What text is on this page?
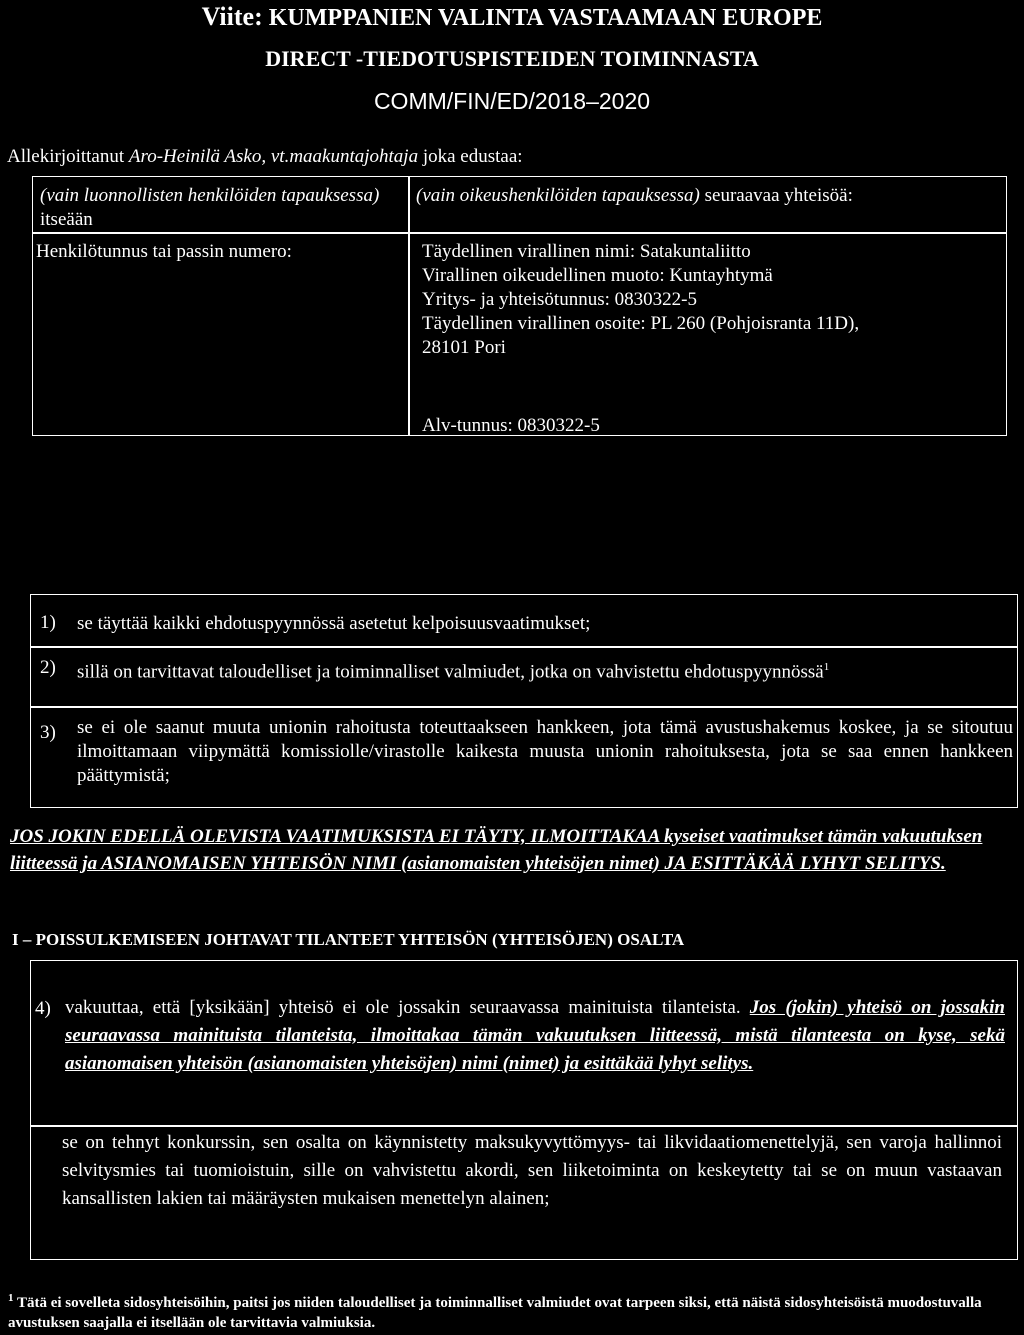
Viite: KUMPPANIEN VALINTA VASTAAMAAN EUROPE
DIRECT -TIEDOTUSPISTEIDEN TOIMINNASTA
COMM/FIN/ED/2018–2020
Allekirjoittanut Aro-Heinilä Asko, vt.maakuntajohtaja joka edustaa:
(vain luonnollisten henkilöiden tapauksessa) itseään
(vain oikeushenkilöiden tapauksessa) seuraavaa yhteisöä:
Henkilötunnus tai passin numero:	Täydellinen virallinen nimi: Satakuntaliitto
Virallinen oikeudellinen muoto: Kuntayhtymä
Yritys- ja yhteisötunnus: 0830322-5
Täydellinen virallinen osoite: PL 260 (Pohjoisranta 11D),
28101 Pori
Alv-tunnus: 0830322-5
1) se täyttää kaikki ehdotuspyynnössä asetetut kelpoisuusvaatimukset;
2) sillä on tarvittavat taloudelliset ja toiminnalliset valmiudet, jotka on vahvistettu ehdotuspyynnössä$^1$
3) se ei ole saanut muuta unionin rahoitusta toteuttaakseen hankkeen, jota tämä avustushakemus koskee, ja se sitoutuu ilmoittamaan viipymättä komissiolle/virastolle kaikesta muusta unionin rahoituksesta, jota se saa ennen hankkeen päättymistä;
JOS JOKIN EDELLÄ OLEVISTA VAATIMUKSISTA EI TÄYTY, ILMOITTAKAA kyseiset vaatimukset tämän vakuutuksen liitteessä ja ASIANOMAISEN YHTEISÖN NIMI (asianomaisten yhteisöjen nimet) JA ESITTÄKÄÄ LYHYT SELITYS.
I – POISSULKEMISEEN JOHTAVAT TILANTEET YHTEISÖN (YHTEISÖJEN) OSALTA
4) vakuuttaa, että [yksikään] yhteisö ei ole jossakin seuraavassa mainituista tilanteista. Jos (jokin) yhteisö on jossakin seuraavassa mainituista tilanteista, ilmoittakaa tämän vakuutuksen liitteessä, mistä tilanteesta on kyse, sekä asianomaisen yhteisön (asianomaisten yhteisöjen) nimi (nimet) ja esittäkää lyhyt selitys.
se on tehnyt konkurssin, sen osalta on käynnistetty maksukyvyttömyys- tai likvidaatiomenettelyjä, sen varoja hallinnoi selvitysmies tai tuomioistuin, sille on vahvistettu akordi, sen liiketoiminta on keskeytetty tai se on muun vastaavan kansallisten lakien tai määräysten mukaisen menettelyn alainen;
$^1$ Tätä ei sovelleta sidosyhteisöihin, paitsi jos niiden taloudelliset ja toiminnalliset valmiudet ovat tarpeen siksi, että näistä sidosyhteisöistä muodostuvalla avustuksen saajalla ei itsellään ole tarvittavia valmiuksia.
